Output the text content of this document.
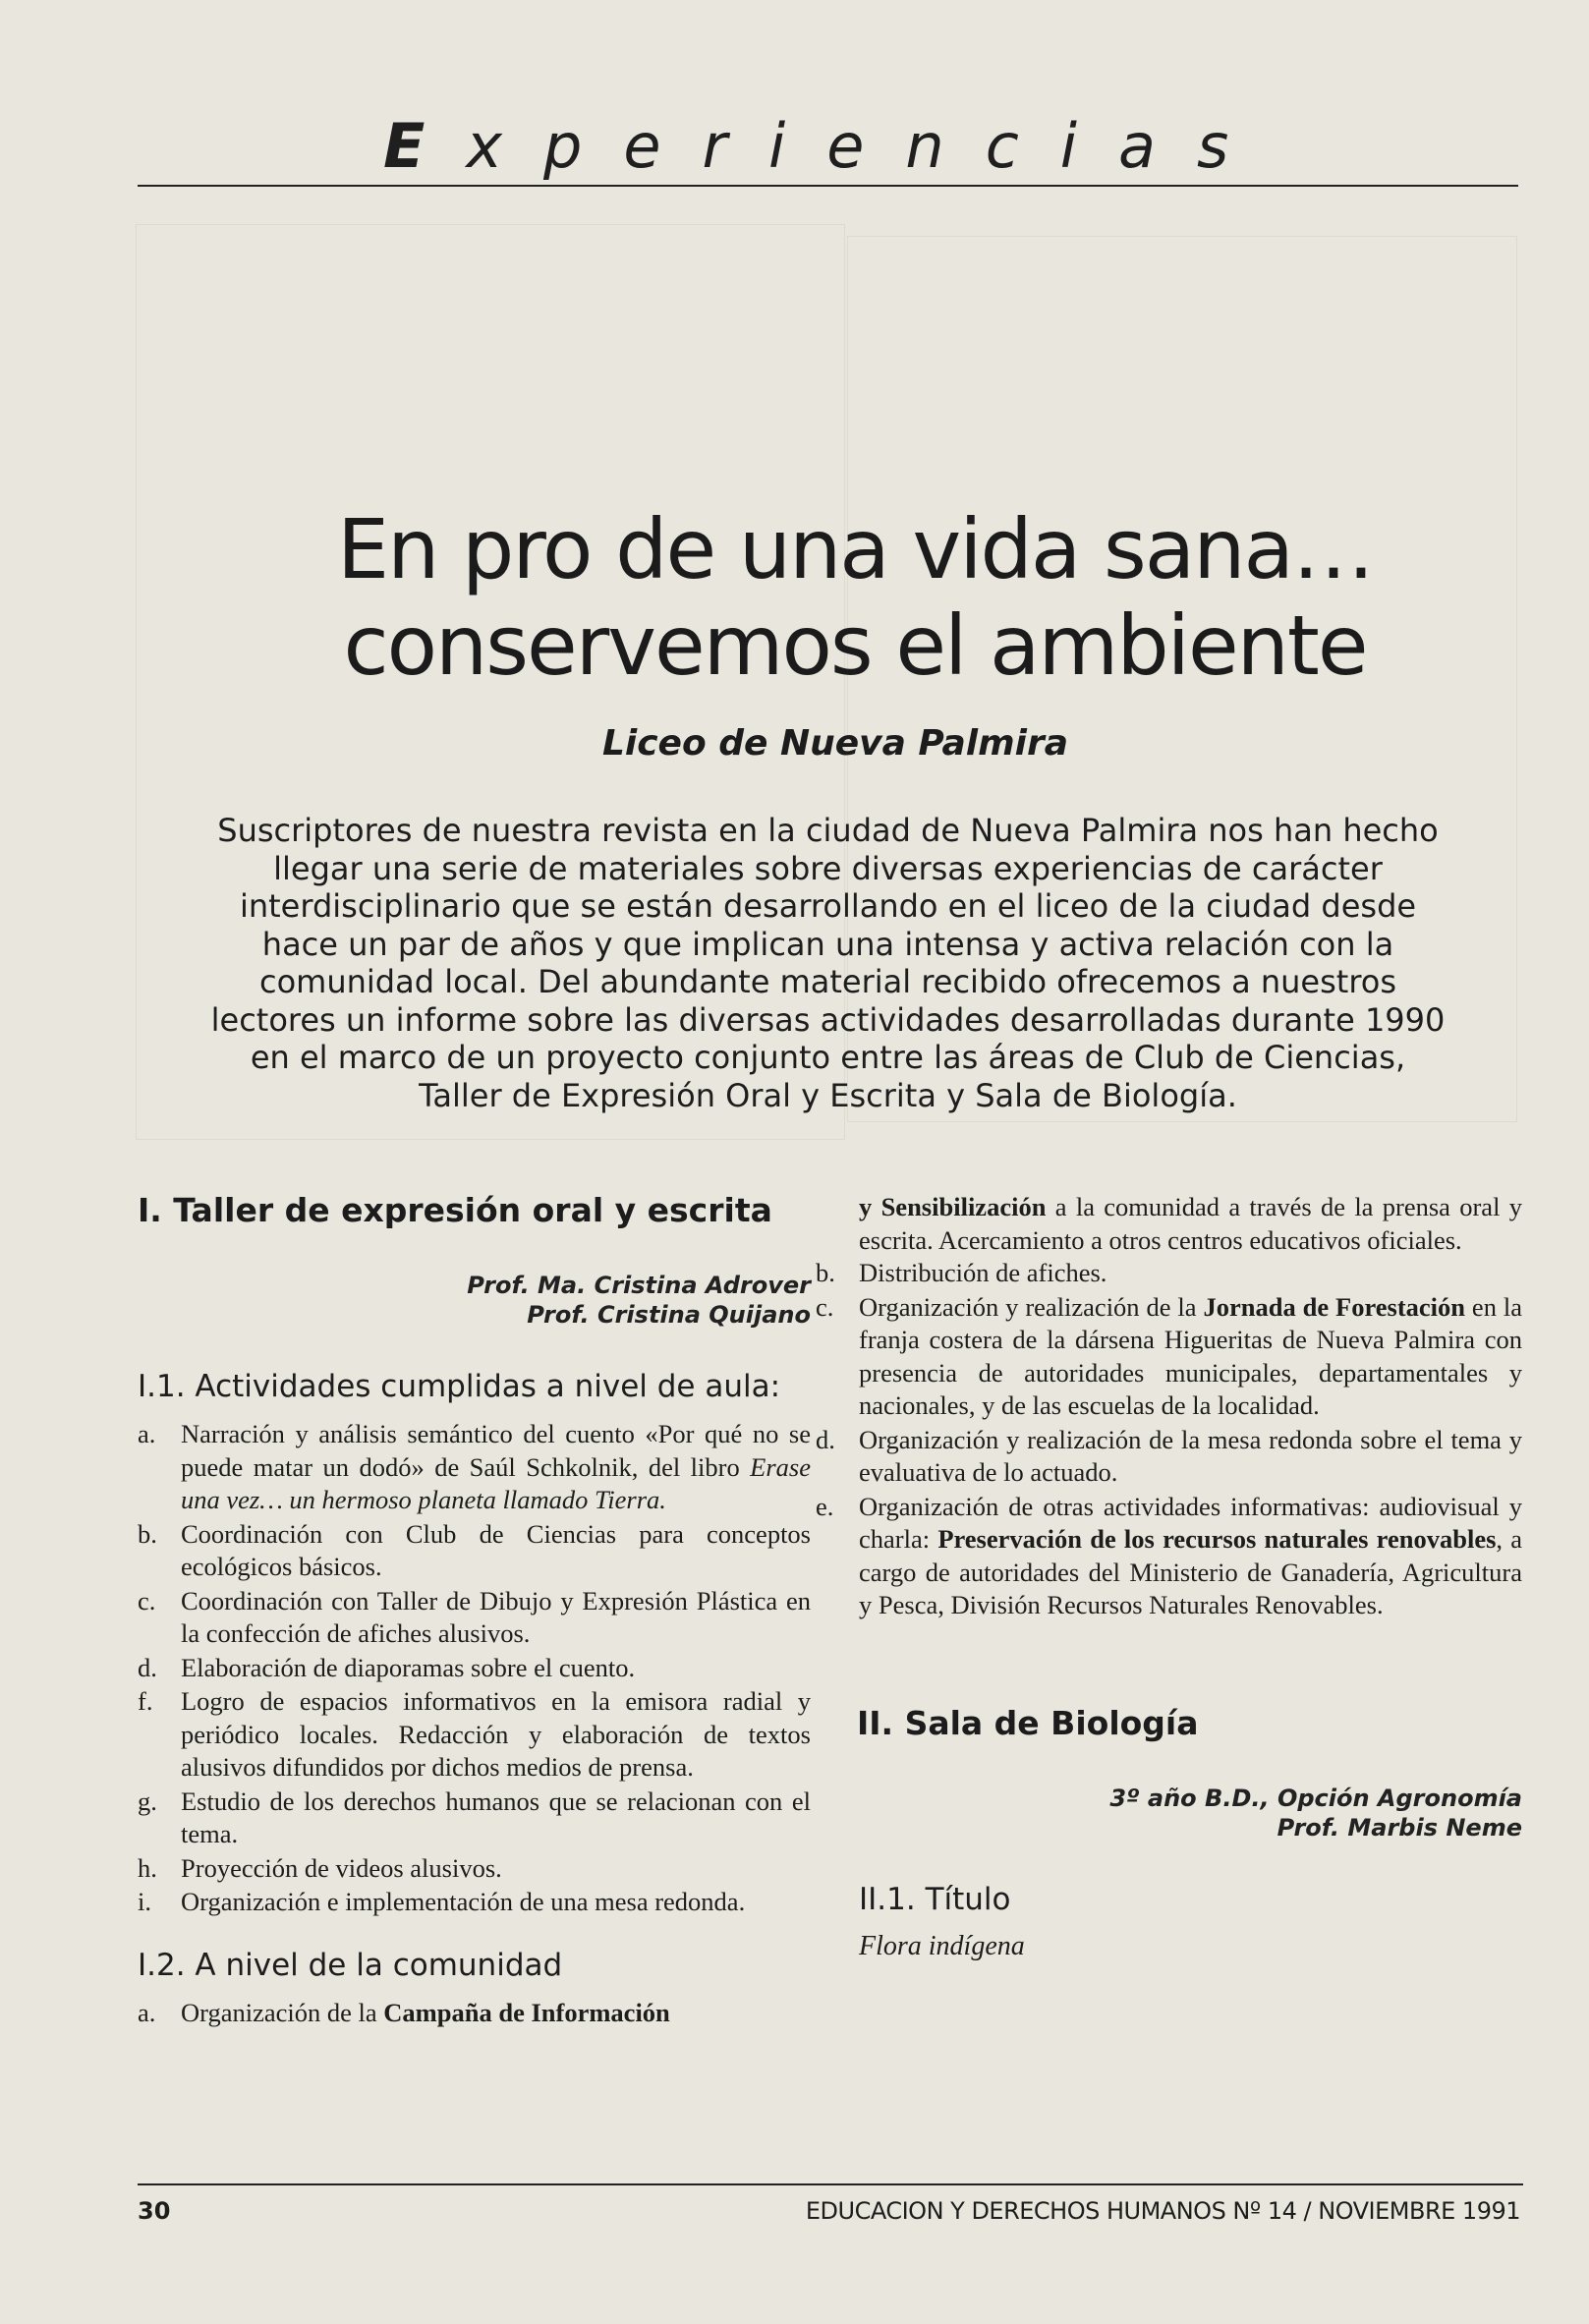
Experiencias
En pro de una vida sana…
conservemos el ambiente
Liceo de Nueva Palmira
Suscriptores de nuestra revista en la ciudad de Nueva Palmira nos han hecho
llegar una serie de materiales sobre diversas experiencias de carácter
interdisciplinario que se están desarrollando en el liceo de la ciudad desde
hace un par de años y que implican una intensa y activa relación con la
comunidad local. Del abundante material recibido ofrecemos a nuestros
lectores un informe sobre las diversas actividades desarrolladas durante 1990
en el marco de un proyecto conjunto entre las áreas de Club de Ciencias,
Taller de Expresión Oral y Escrita y Sala de Biología.
I. Taller de expresión oral y escrita
Prof. Ma. Cristina Adrover
Prof. Cristina Quijano
I.1. Actividades cumplidas a nivel de aula:
a. Narración y análisis semántico del cuento «Por qué no se puede matar un dodó» de Saúl Schkolnik, del libro Erase una vez… un hermoso planeta llamado Tierra.
b. Coordinación con Club de Ciencias para conceptos ecológicos básicos.
c. Coordinación con Taller de Dibujo y Expresión Plástica en la confección de afiches alusivos.
d. Elaboración de diaporamas sobre el cuento.
f. Logro de espacios informativos en la emisora radial y periódico locales. Redacción y elaboración de textos alusivos difundidos por dichos medios de prensa.
g. Estudio de los derechos humanos que se relacionan con el tema.
h. Proyección de videos alusivos.
i. Organización e implementación de una mesa redonda.
I.2. A nivel de la comunidad
a. Organización de la Campaña de Información

y Sensibilización a la comunidad a través de la prensa oral y escrita. Acercamiento a otros centros educativos oficiales.

b. Distribución de afiches.
c. Organización y realización de la Jornada de Forestación en la franja costera de la dársena Higueritas de Nueva Palmira con presencia de autoridades municipales, departamentales y nacionales, y de las escuelas de la localidad.
d. Organización y realización de la mesa redonda sobre el tema y evaluativa de lo actuado.
e. Organización de otras actividades informativas: audiovisual y charla: Preservación de los recursos naturales renovables, a cargo de autoridades del Ministerio de Ganadería, Agricultura y Pesca, División Recursos Naturales Renovables.
II. Sala de Biología
3º año B.D., Opción Agronomía
Prof. Marbis Neme
II.1. Título
Flora indígena
30	EDUCACION Y DERECHOS HUMANOS Nº 14 / NOVIEMBRE 1991
